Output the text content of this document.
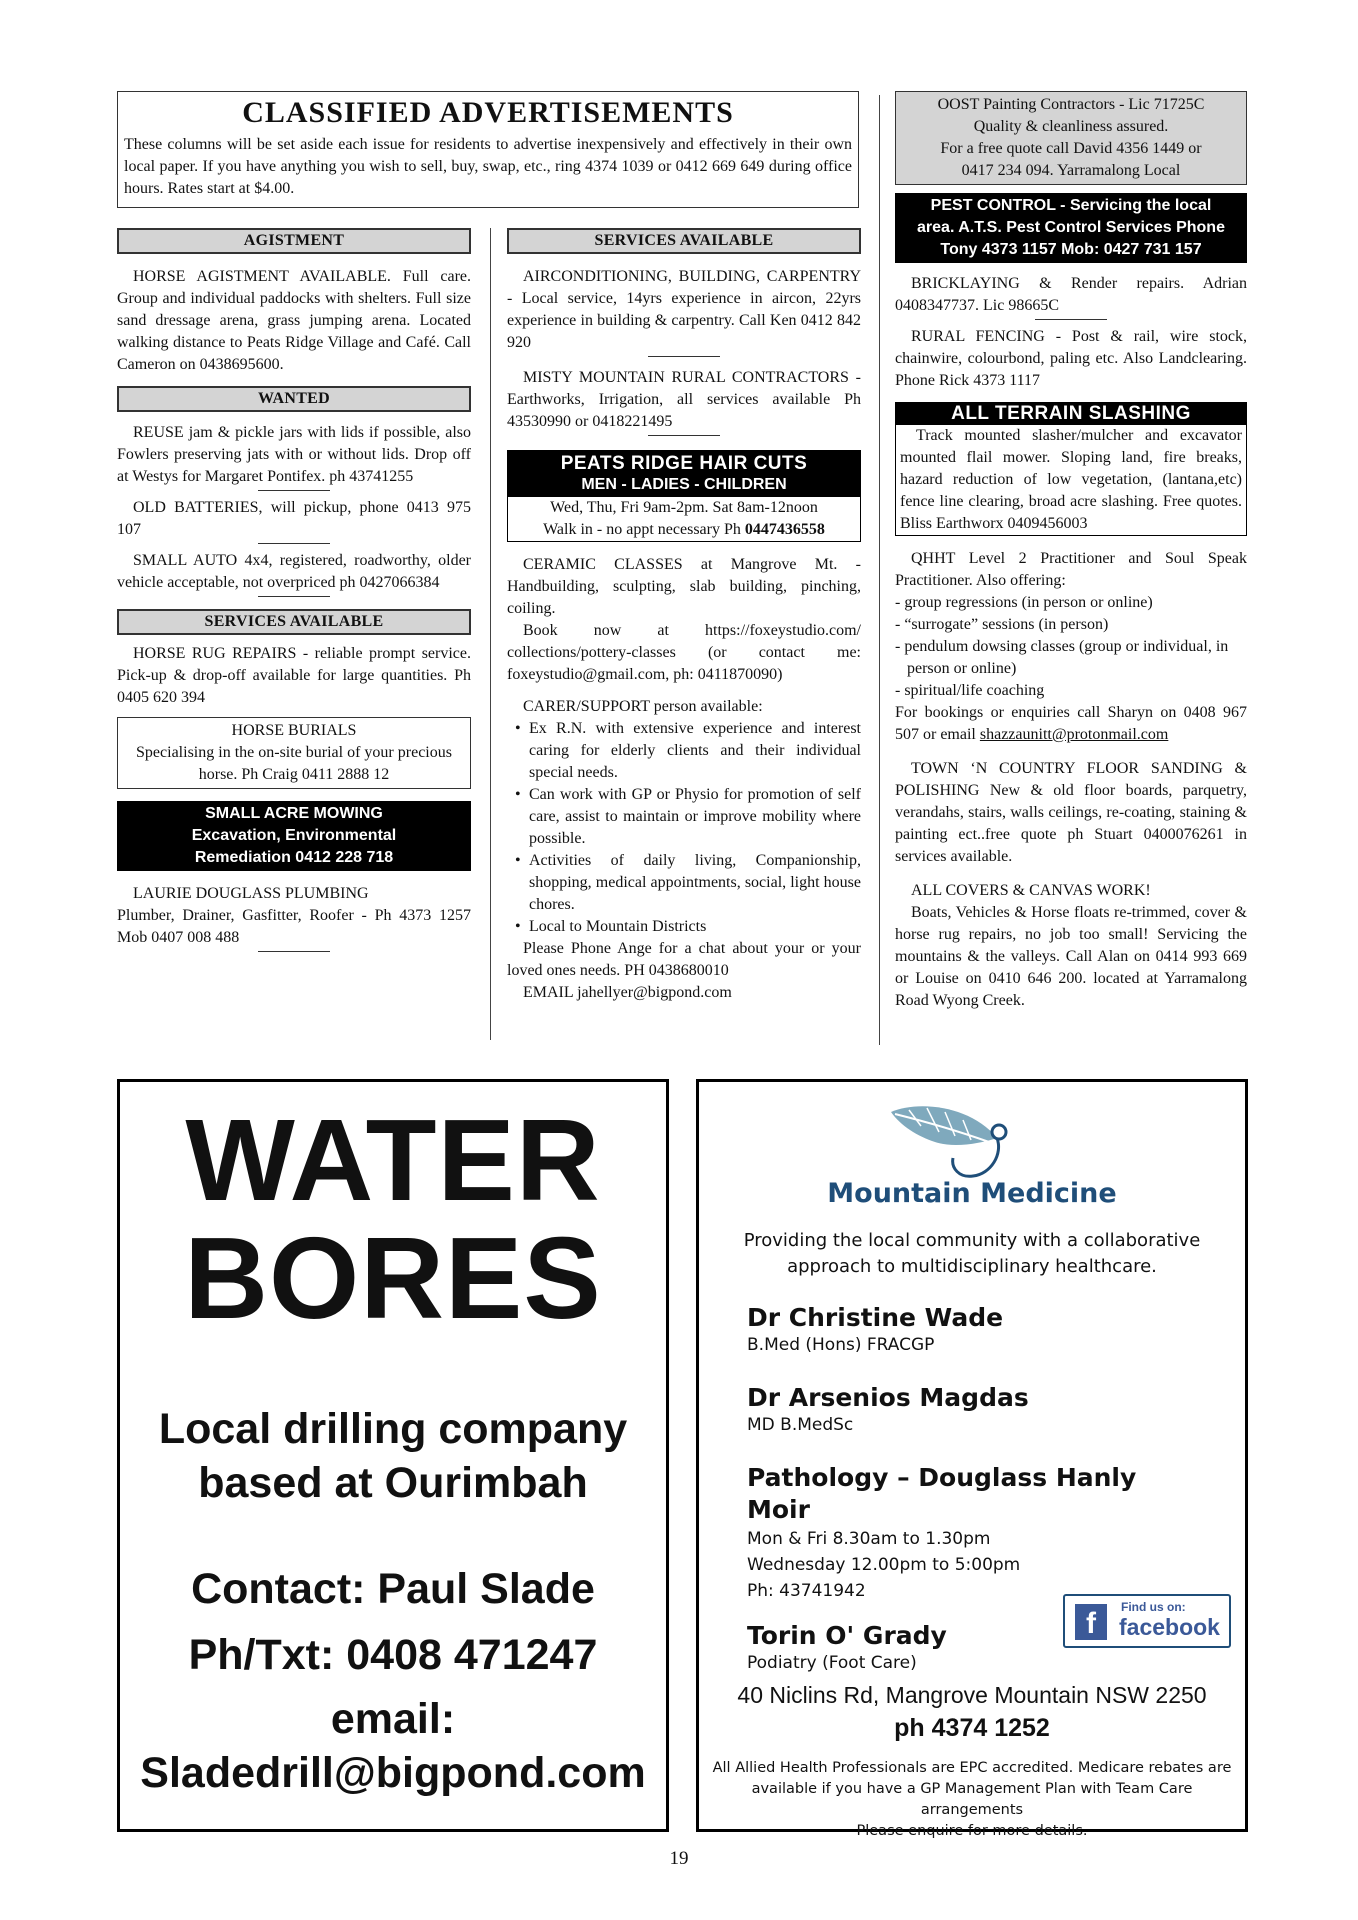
CLASSIFIED ADVERTISEMENTS

These columns will be set aside each issue for residents to advertise inexpensively and effectively in their own local paper. If you have anything you wish to sell, buy, swap, etc., ring 4374 1039 or 0412 669 649 during office hours. Rates start at $4.00.

AGISTMENT

HORSE AGISTMENT AVAILABLE. Full care. Group and individual paddocks with shelters. Full size sand dressage arena, grass jumping arena. Located walking distance to Peats Ridge Village and Café. Call Cameron on 0438695600.

WANTED

REUSE jam & pickle jars with lids if possible, also Fowlers preserving jats with or without lids. Drop off at Westys for Margaret Pontifex. ph 43741255

OLD BATTERIES, will pickup, phone 0413 975 107

SMALL AUTO 4x4, registered, roadworthy, older vehicle acceptable, not overpriced ph 0427066384

SERVICES AVAILABLE

HORSE RUG REPAIRS - reliable prompt service. Pick-up & drop-off available for large quantities. Ph 0405 620 394

HORSE BURIALS
Specialising in the on-site burial of your precious horse. Ph Craig 0411 2888 12
SMALL ACRE MOWING
Excavation, Environmental
Remediation 0412 228 718

LAURIE DOUGLASS PLUMBING

Plumber, Drainer, Gasfitter, Roofer - Ph 4373 1257 Mob 0407 008 488

SERVICES AVAILABLE

AIRCONDITIONING, BUILDING, CARPENTRY - Local service, 14yrs experience in aircon, 22yrs experience in building & carpentry. Call Ken 0412 842 920

MISTY MOUNTAIN RURAL CONTRACTORS - Earthworks, Irrigation, all services available Ph 43530990 or 0418221495

PEATS RIDGE HAIR CUTS
MEN - LADIES - CHILDREN
Wed, Thu, Fri 9am-2pm. Sat 8am-12noon
Walk in - no appt necessary Ph 0447436558

CERAMIC CLASSES at Mangrove Mt. - Handbuilding, sculpting, slab building, pinching, coiling.

Book now at https://foxeystudio.com/ collections/pottery-classes (or contact me: foxeystudio@gmail.com, ph: 0411870090)

CARER/SUPPORT person available:

• Ex R.N. with extensive experience and interest caring for elderly clients and their individual special needs.
• Can work with GP or Physio for promotion of self care, assist to maintain or improve mobility where possible.
• Activities of daily living, Companionship, shopping, medical appointments, social, light house chores.
• Local to Mountain Districts

Please Phone Ange for a chat about your or your loved ones needs. PH 0438680010

EMAIL jahellyer@bigpond.com

OOST Painting Contractors - Lic 71725C
Quality & cleanliness assured.
For a free quote call David 4356 1449 or
0417 234 094. Yarramalong Local
PEST CONTROL - Servicing the local
area. A.T.S. Pest Control Services Phone
Tony 4373 1157 Mob: 0427 731 157

BRICKLAYING & Render repairs. Adrian 0408347737. Lic 98665C

RURAL FENCING - Post & rail, wire stock, chainwire, colourbond, paling etc. Also Landclearing. Phone Rick 4373 1117

ALL TERRAIN SLASHING

Track mounted slasher/mulcher and excavator mounted flail mower. Sloping land, fire breaks, hazard reduction of low vegetation, (lantana,etc) fence line clearing, broad acre slashing. Free quotes. Bliss Earthworx 0409456003

QHHT Level 2 Practitioner and Soul Speak Practitioner. Also offering:

- group regressions (in person or online)
- “surrogate” sessions (in person)
- pendulum dowsing classes (group or individual, in person or online)
- spiritual/life coaching

For bookings or enquiries call Sharyn on 0408 967 507 or email shazzaunitt@protonmail.com

TOWN ‘N COUNTRY FLOOR SANDING & POLISHING New & old floor boards, parquetry, verandahs, stairs, walls ceilings, re-coating, staining & painting ect..free quote ph Stuart 0400076261 in services available.

ALL COVERS & CANVAS WORK!

Boats, Vehicles & Horse floats re-trimmed, cover & horse rug repairs, no job too small! Servicing the mountains & the valleys. Call Alan on 0414 993 669 or Louise on 0410 646 200. located at Yarramalong Road Wyong Creek.

WATER
BORES
Local drilling company
based at Ourimbah
Contact: Paul Slade
Ph/Txt: 0408 471247
email:
Sladedrill@bigpond.com
Mountain Medicine
Providing the local community with a collaborative
approach to multidisciplinary healthcare.
Dr Christine Wade
B.Med (Hons) FRACGP
Dr Arsenios Magdas
MD B.MedSc
Pathology – Douglass Hanly Moir
Mon & Fri 8.30am to 1.30pm
Wednesday 12.00pm to 5:00pm
Ph: 43741942
Torin O' Grady
Podiatry (Foot Care)
f	Find us on:
facebook
40 Niclins Rd, Mangrove Mountain NSW 2250
ph 4374 1252
All Allied Health Professionals are EPC accredited. Medicare rebates are
available if you have a GP Management Plan with Team Care arrangements
Please enquire for more details.
19
